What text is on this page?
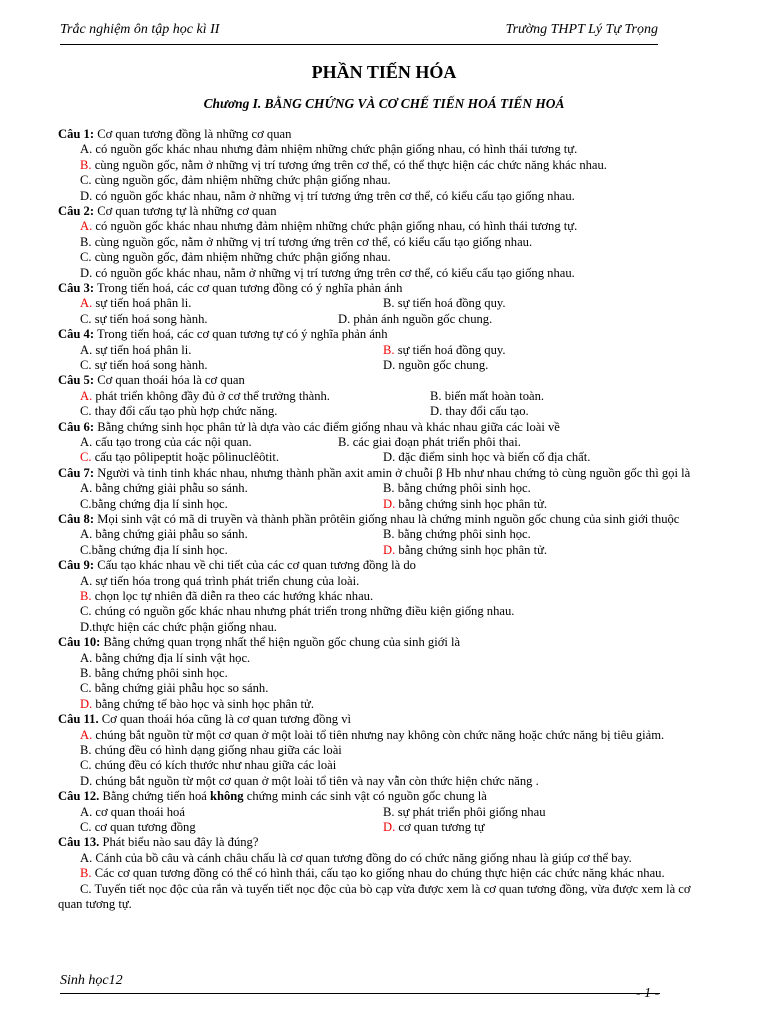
Trắc nghiệm ôn tập học kì II	Trường THPT Lý Tự Trọng
PHẦN TIẾN HÓA
Chương I. BẰNG CHỨNG VÀ CƠ CHẾ TIẾN HOÁ TIẾN HOÁ
Câu 1: Cơ quan tương đồng là những cơ quan
A. có nguồn gốc khác nhau nhưng đảm nhiệm những chức phận giống nhau, có hình thái tương tự.
B. cùng nguồn gốc, nằm ở những vị trí tương ứng trên cơ thể, có thể thực hiện các chức năng khác nhau.
C. cùng nguồn gốc, đảm nhiệm những chức phận giống nhau.
D. có nguồn gốc khác nhau, nằm ở những vị trí tương ứng trên cơ thể, có kiểu cấu tạo giống nhau.
Câu 2: Cơ quan tương tự là những cơ quan
A. có nguồn gốc khác nhau nhưng đảm nhiệm những chức phận giống nhau, có hình thái tương tự.
B. cùng nguồn gốc, nằm ở những vị trí tương ứng trên cơ thể, có kiểu cấu tạo giống nhau.
C. cùng nguồn gốc, đảm nhiệm những chức phận giống nhau.
D. có nguồn gốc khác nhau, nằm ở những vị trí tương ứng trên cơ thể, có kiểu cấu tạo giống nhau.
Câu 3: Trong tiến hoá, các cơ quan tương đồng có ý nghĩa phản ánh
A. sự tiến hoá phân li.	B. sự tiến hoá đồng quy.
C. sự tiến hoá song hành.	D. phản ánh nguồn gốc chung.
Câu 4: Trong tiến hoá, các cơ quan tương tự có ý nghĩa phản ánh
A. sự tiến hoá phân li.	B. sự tiến hoá đồng quy.
C. sự tiến hoá song hành.	D. nguồn gốc chung.
Câu 5: Cơ quan thoái hóa là cơ quan
A. phát triển không đầy đủ ở cơ thể trưởng thành.	B. biến mất hoàn toàn.
C. thay đổi cấu tạo phù hợp chức năng.	D. thay đổi cấu tạo.
Câu 6: Bằng chứng sinh học phân tử là dựa vào các điểm giống nhau và khác nhau giữa các loài về
A. cấu tạo trong của các nội quan.	B. các giai đoạn phát triển phôi thai.
C. cấu tạo pôlipeptit hoặc pôlinuclêôtit.	D. đặc điểm sinh học và biến cố địa chất.
Câu 7: Người và tinh tinh khác nhau, nhưng thành phần axit amin ở chuỗi β Hb như nhau chứng tỏ cùng nguồn gốc thì gọi là
A. bằng chứng giải phẫu so sánh.	B. bằng chứng phôi sinh học.
C.bằng chứng địa lí sinh học.	D. bằng chứng sinh học phân tử.
Câu 8: Mọi sinh vật có mã di truyền và thành phần prôtêin giống nhau là chứng minh nguồn gốc chung của sinh giới thuộc
A. bằng chứng giải phẫu so sánh.	B. bằng chứng phôi sinh học.
C.bằng chứng địa lí sinh học.	D. bằng chứng sinh học phân tử.
Câu 9: Cấu tạo khác nhau về chi tiết của các cơ quan tương đồng là do
A. sự tiến hóa trong quá trình phát triển chung của loài.
B. chọn lọc tự nhiên đã diễn ra theo các hướng khác nhau.
C. chúng có nguồn gốc khác nhau nhưng phát triển trong những điều kiện giống nhau.
D.thực hiện các chức phận giống nhau.
Câu 10: Bằng chứng quan trọng nhất thể hiện nguồn gốc chung của sinh giới là
A. bằng chứng địa lí sinh vật học.
B. bằng chứng phôi sinh học.
C. bằng chứng giải phẫu học so sánh.
D. bằng chứng tế bào học và sinh học phân tử.
Câu 11. Cơ quan thoái hóa cũng là cơ quan tương đồng vì
A. chúng bắt nguồn từ một cơ quan ở một loài tổ tiên nhưng nay không còn chức năng hoặc chức năng bị tiêu giảm.
B. chúng đều có hình dạng giống nhau giữa các loài
C. chúng đều có kích thước như nhau giữa các loài
D. chúng bắt nguồn từ một cơ quan ở một loài tổ tiên và nay vẫn còn thức hiện chức năng .
Câu 12. Bằng chứng tiến hoá không chứng minh các sinh vật có nguồn gốc chung là
A. cơ quan thoái hoá	B. sự phát triển phôi giống nhau
C. cơ quan tương đồng	D. cơ quan tương tự
Câu 13. Phát biểu nào sau đây là đúng?
A. Cánh của bồ câu và cánh châu chấu là cơ quan tương đồng do có chức năng giống nhau là giúp cơ thể bay.
B. Các cơ quan tương đồng có thể có hình thái, cấu tạo ko giống nhau do chúng thực hiện các chức năng khác nhau.
C. Tuyến tiết nọc độc của rắn và tuyến tiết nọc độc của bò cạp vừa được xem là cơ quan tương đồng, vừa được xem là cơ quan tương tự.
Sinh học12
- 1 -
